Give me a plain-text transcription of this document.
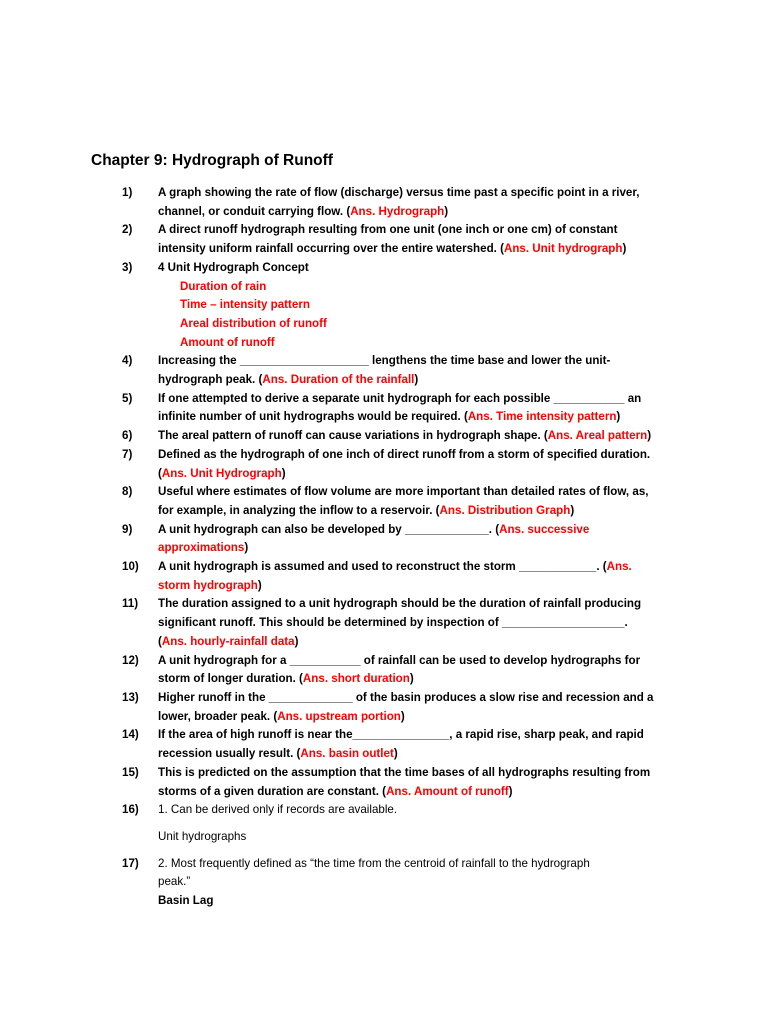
Chapter 9: Hydrograph of Runoff
1) A graph showing the rate of flow (discharge) versus time past a specific point in a river,
channel, or conduit carrying flow. (Ans. Hydrograph)
2) A direct runoff hydrograph resulting from one unit (one inch or one cm) of constant
intensity uniform rainfall occurring over the entire watershed. (Ans. Unit hydrograph)
3) 4 Unit Hydrograph Concept
Duration of rain
Time – intensity pattern
Areal distribution of runoff
Amount of runoff
4) Increasing the ____________________ lengthens the time base and lower the unit-
hydrograph peak. (Ans. Duration of the rainfall)
5) If one attempted to derive a separate unit hydrograph for each possible ___________ an
infinite number of unit hydrographs would be required. (Ans. Time intensity pattern)
6) The areal pattern of runoff can cause variations in hydrograph shape. (Ans. Areal pattern)
7) Defined as the hydrograph of one inch of direct runoff from a storm of specified duration.
(Ans. Unit Hydrograph)
8) Useful where estimates of flow volume are more important than detailed rates of flow, as,
for example, in analyzing the inflow to a reservoir. (Ans. Distribution Graph)
9) A unit hydrograph can also be developed by _____________. (Ans. successive
approximations)
10) A unit hydrograph is assumed and used to reconstruct the storm ____________. (Ans.
storm hydrograph)
11) The duration assigned to a unit hydrograph should be the duration of rainfall producing
significant runoff. This should be determined by inspection of ___________________.
(Ans. hourly-rainfall data)
12) A unit hydrograph for a ___________ of rainfall can be used to develop hydrographs for
storm of longer duration. (Ans. short duration)
13) Higher runoff in the _____________ of the basin produces a slow rise and recession and a
lower, broader peak. (Ans. upstream portion)
14) If the area of high runoff is near the_______________, a rapid rise, sharp peak, and rapid
recession usually result. (Ans. basin outlet)
15) This is predicted on the assumption that the time bases of all hydrographs resulting from
storms of a given duration are constant. (Ans. Amount of runoff)
16) 1. Can be derived only if records are available.
Unit hydrographs
17) 2. Most frequently defined as “the time from the centroid of rainfall to the hydrograph
peak.”
Basin Lag
